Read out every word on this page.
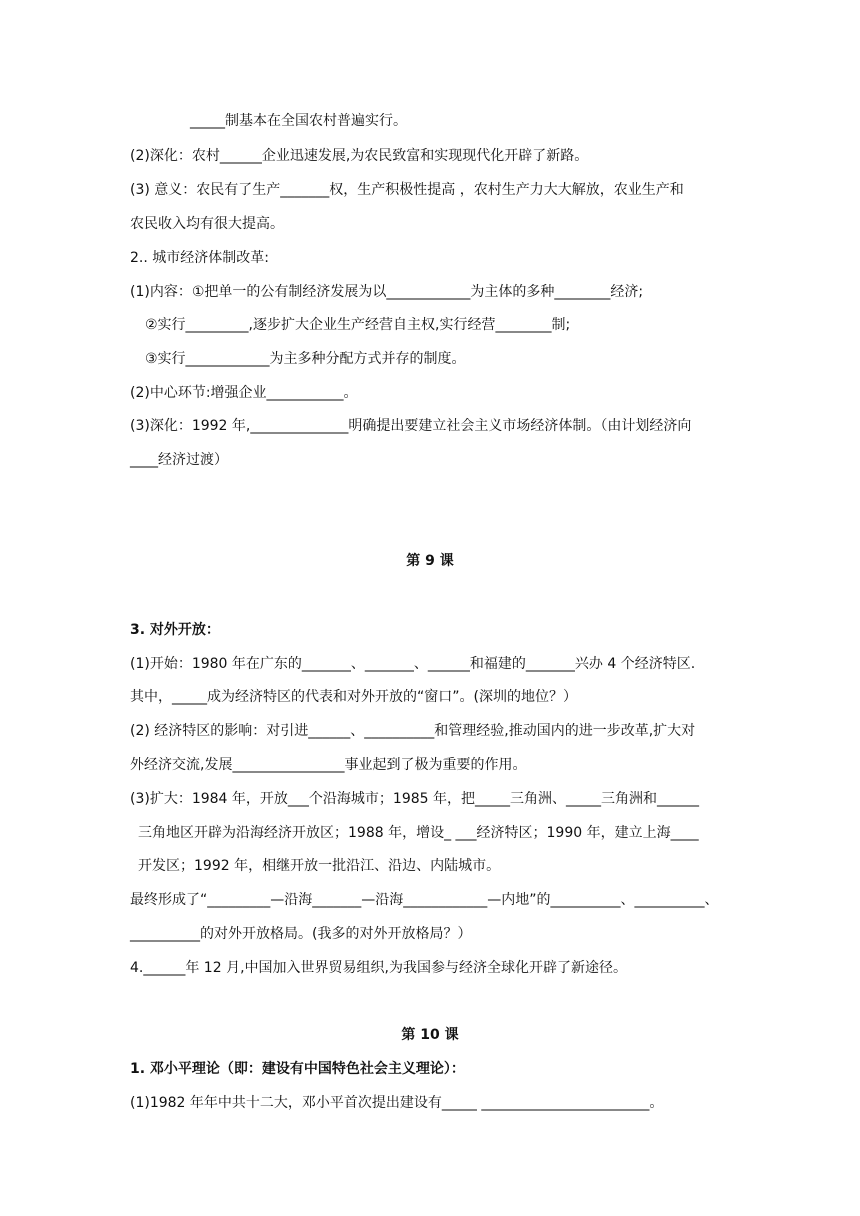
_____制基本在全国农村普遍实行。
(2)深化：农村______企业迅速发展,为农民致富和实现现代化开辟了新路。
(3) 意义：农民有了生产_______权，生产积极性提高 ，农村生产力大大解放，农业生产和
农民收入均有很大提高。
2.. 城市经济体制改革:
(1)内容：①把单一的公有制经济发展为以____________为主体的多种________经济;
②实行_________,逐步扩大企业生产经营自主权,实行经营________制;
③实行____________为主多种分配方式并存的制度。
(2)中心环节:增强企业___________。
(3)深化：1992 年,______________明确提出要建立社会主义市场经济体制。（由计划经济向
____经济过渡）
第 9 课
3. 对外开放：
(1)开始：1980 年在广东的_______、_______、______和福建的_______兴办 4 个经济特区.
其中，_____成为经济特区的代表和对外开放的“窗口”。(深圳的地位？）
(2) 经济特区的影响：对引进______、__________和管理经验,推动国内的进一步改革,扩大对
外经济交流,发展________________事业起到了极为重要的作用。
(3)扩大：1984 年，开放___个沿海城市；1985 年，把_____三角洲、_____三角洲和______
三角地区开辟为沿海经济开放区；1988 年，增设_ ___经济特区；1990 年，建立上海____
开发区；1992 年，相继开放一批沿江、沿边、内陆城市。
最终形成了“_________—沿海_______—沿海____________—内地”的__________、__________、
__________的对外开放格局。(我多的对外开放格局？）
4.______年 12 月,中国加入世界贸易组织,为我国参与经济全球化开辟了新途径。
第 10 课
1. 邓小平理论（即：建设有中国特色社会主义理论）：
(1)1982 年年中共十二大，邓小平首次提出建设有_____ ________________________。
